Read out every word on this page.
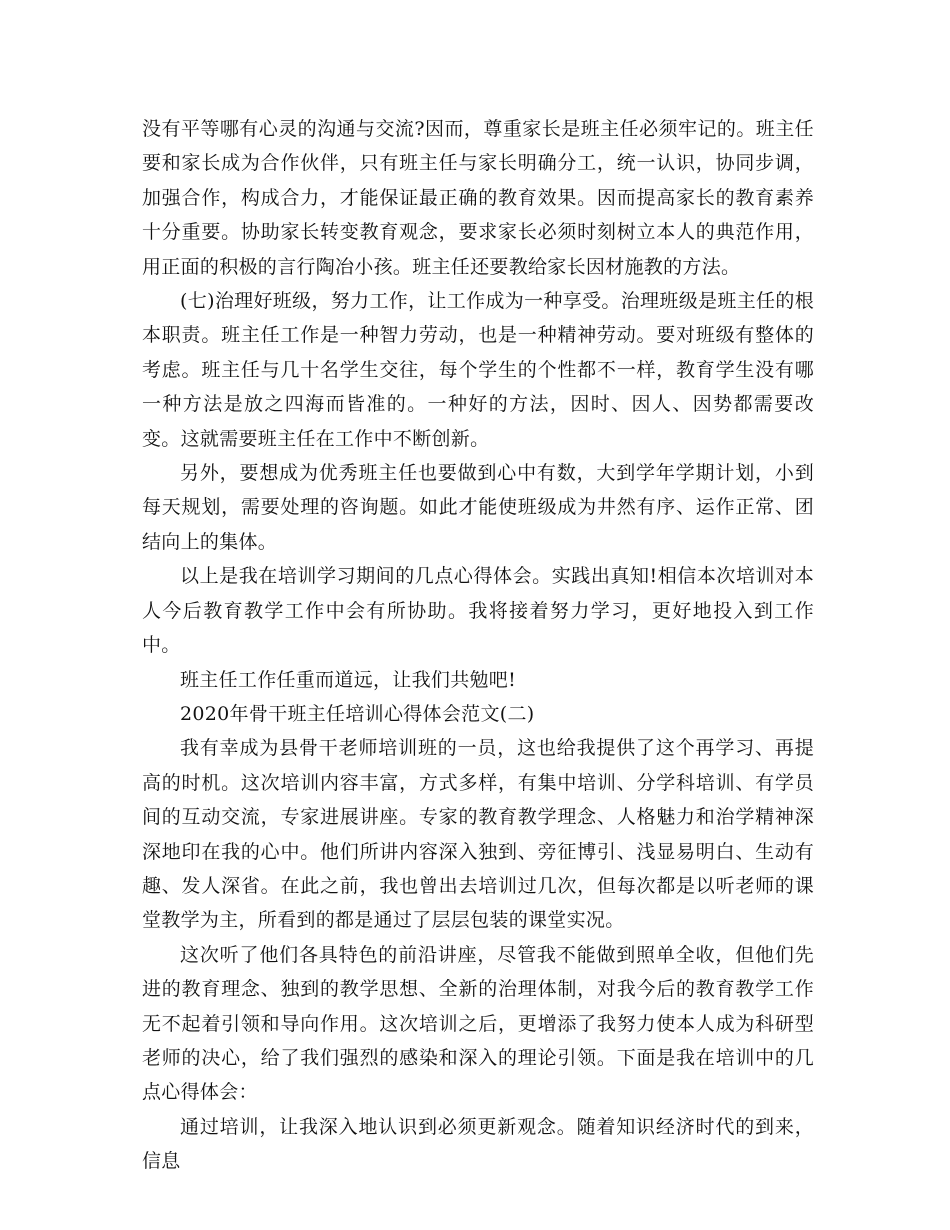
没有平等哪有心灵的沟通与交流?因而，尊重家长是班主任必须牢记的。班主任要和家长成为合作伙伴，只有班主任与家长明确分工，统一认识，协同步调，加强合作，构成合力，才能保证最正确的教育效果。因而提高家长的教育素养十分重要。协助家长转变教育观念，要求家长必须时刻树立本人的典范作用，用正面的积极的言行陶冶小孩。班主任还要教给家长因材施教的方法。

(七)治理好班级，努力工作，让工作成为一种享受。治理班级是班主任的根本职责。班主任工作是一种智力劳动，也是一种精神劳动。要对班级有整体的考虑。班主任与几十名学生交往，每个学生的个性都不一样，教育学生没有哪一种方法是放之四海而皆准的。一种好的方法，因时、因人、因势都需要改变。这就需要班主任在工作中不断创新。

另外，要想成为优秀班主任也要做到心中有数，大到学年学期计划，小到每天规划，需要处理的咨询题。如此才能使班级成为井然有序、运作正常、团结向上的集体。

以上是我在培训学习期间的几点心得体会。实践出真知!相信本次培训对本人今后教育教学工作中会有所协助。我将接着努力学习，更好地投入到工作中。

班主任工作任重而道远，让我们共勉吧!

2020年骨干班主任培训心得体会范文(二)

我有幸成为县骨干老师培训班的一员，这也给我提供了这个再学习、再提高的时机。这次培训内容丰富，方式多样，有集中培训、分学科培训、有学员间的互动交流，专家进展讲座。专家的教育教学理念、人格魅力和治学精神深深地印在我的心中。他们所讲内容深入独到、旁征博引、浅显易明白、生动有趣、发人深省。在此之前，我也曾出去培训过几次，但每次都是以听老师的课堂教学为主，所看到的都是通过了层层包装的课堂实况。

这次听了他们各具特色的前沿讲座，尽管我不能做到照单全收，但他们先进的教育理念、独到的教学思想、全新的治理体制，对我今后的教育教学工作无不起着引领和导向作用。这次培训之后，更增添了我努力使本人成为科研型老师的决心，给了我们强烈的感染和深入的理论引领。下面是我在培训中的几点心得体会：

通过培训，让我深入地认识到必须更新观念。随着知识经济时代的到来，信息
